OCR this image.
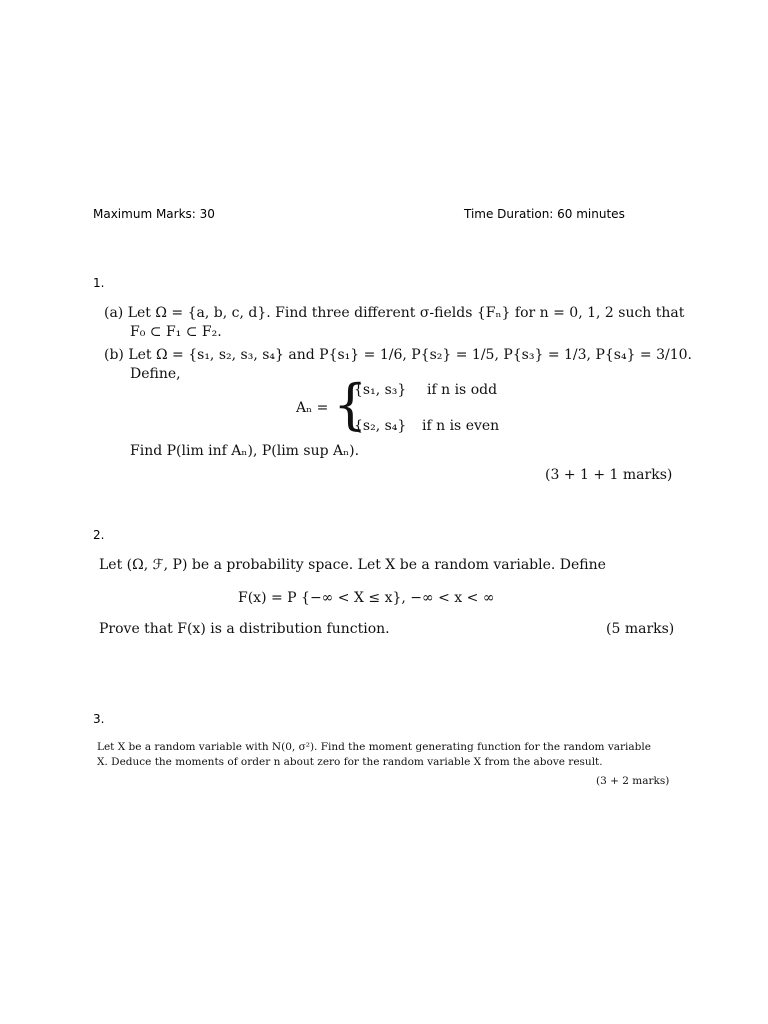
Maximum Marks: 30	Time Duration: 60 minutes
1.
(a) Let Ω = {a, b, c, d}. Find three different σ-fields {Fₙ} for n = 0, 1, 2 such that
F₀ ⊂ F₁ ⊂ F₂.
(b) Let Ω = {s₁, s₂, s₃, s₄} and P{s₁} = 1/6, P{s₂} = 1/5, P{s₃} = 1/3, P{s₄} = 3/10.
Define,
Aₙ = {
{s₁, s₃} if n is odd
{s₂, s₄} if n is even
Find P(lim inf Aₙ), P(lim sup Aₙ).
(3 + 1 + 1 marks)
2.
Let (Ω, ℱ, P) be a probability space. Let X be a random variable. Define
F(x) = P {−∞ < X ≤ x}, −∞ < x < ∞
Prove that F(x) is a distribution function.	(5 marks)
3.
Let X be a random variable with N(0, σ²). Find the moment generating function for the random variable
X. Deduce the moments of order n about zero for the random variable X from the above result.
(3 + 2 marks)
